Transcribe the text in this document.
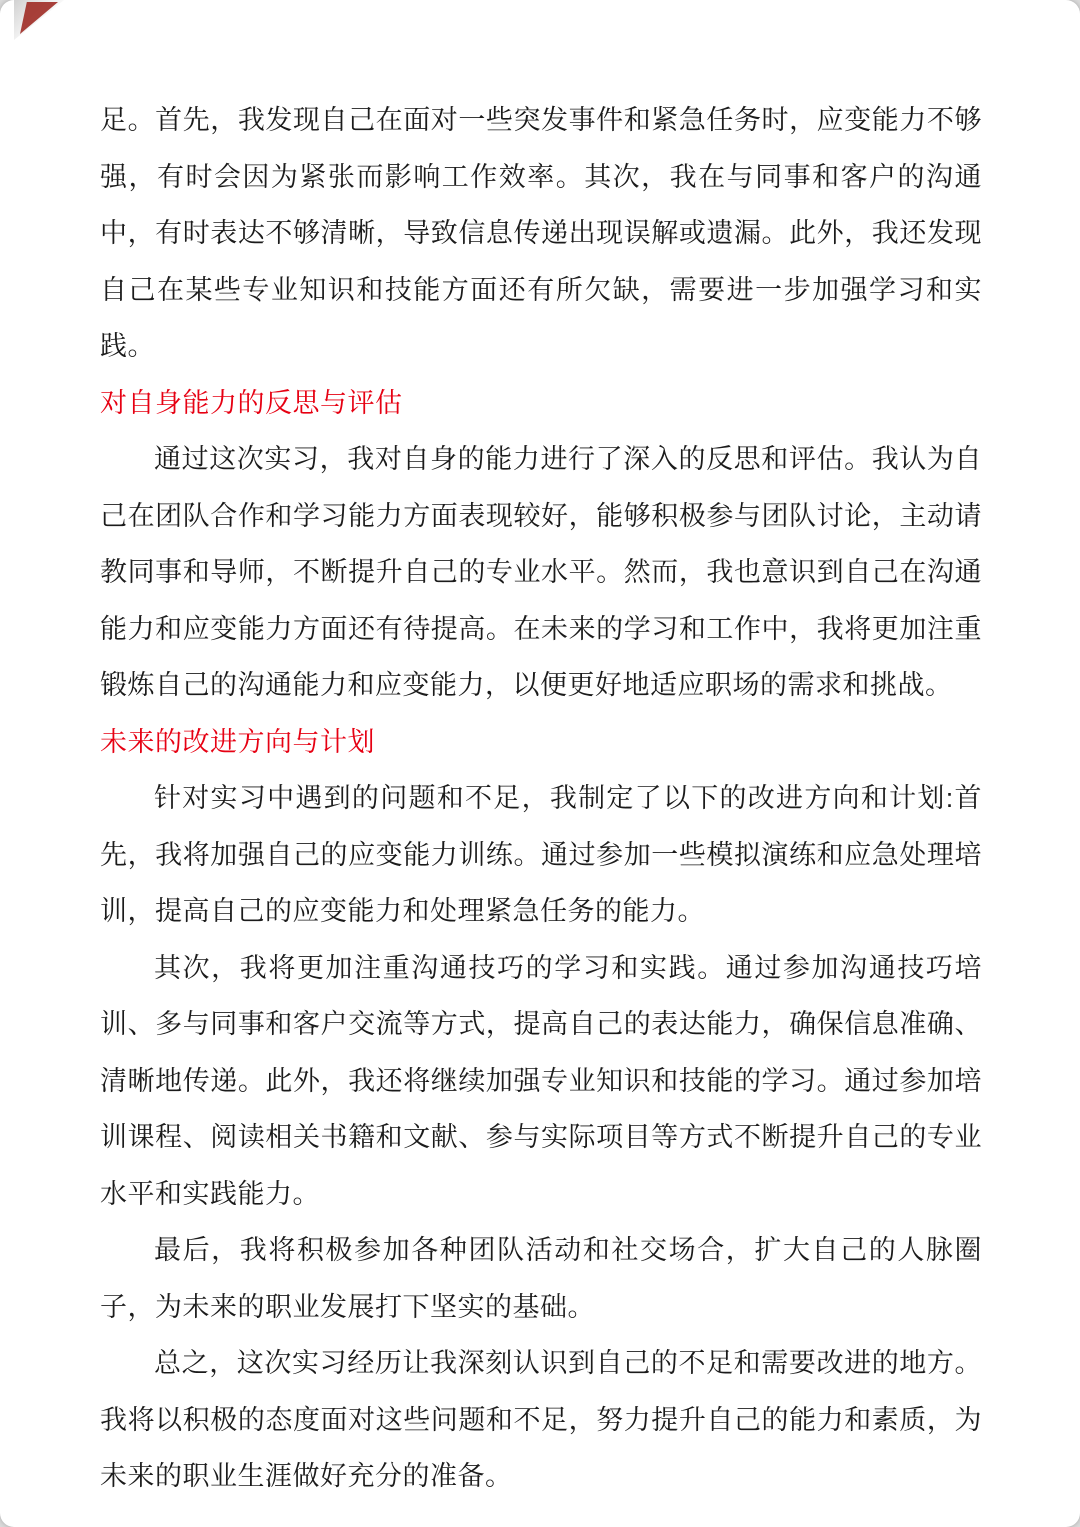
足。首先，我发现自己在面对一些突发事件和紧急任务时，应变能力不够强，有时会因为紧张而影响工作效率。其次，我在与同事和客户的沟通中，有时表达不够清晰，导致信息传递出现误解或遗漏。此外，我还发现自己在某些专业知识和技能方面还有所欠缺，需要进一步加强学习和实践。

对自身能力的反思与评估

通过这次实习，我对自身的能力进行了深入的反思和评估。我认为自己在团队合作和学习能力方面表现较好，能够积极参与团队讨论，主动请教同事和导师，不断提升自己的专业水平。然而，我也意识到自己在沟通能力和应变能力方面还有待提高。在未来的学习和工作中，我将更加注重锻炼自己的沟通能力和应变能力，以便更好地适应职场的需求和挑战。

未来的改进方向与计划

针对实习中遇到的问题和不足，我制定了以下的改进方向和计划:首先，我将加强自己的应变能力训练。通过参加一些模拟演练和应急处理培训，提高自己的应变能力和处理紧急任务的能力。

其次，我将更加注重沟通技巧的学习和实践。通过参加沟通技巧培训、多与同事和客户交流等方式，提高自己的表达能力，确保信息准确、清晰地传递。此外，我还将继续加强专业知识和技能的学习。通过参加培训课程、阅读相关书籍和文献、参与实际项目等方式不断提升自己的专业水平和实践能力。

最后，我将积极参加各种团队活动和社交场合，扩大自己的人脉圈子，为未来的职业发展打下坚实的基础。

总之，这次实习经历让我深刻认识到自己的不足和需要改进的地方。我将以积极的态度面对这些问题和不足，努力提升自己的能力和素质，为未来的职业生涯做好充分的准备。
